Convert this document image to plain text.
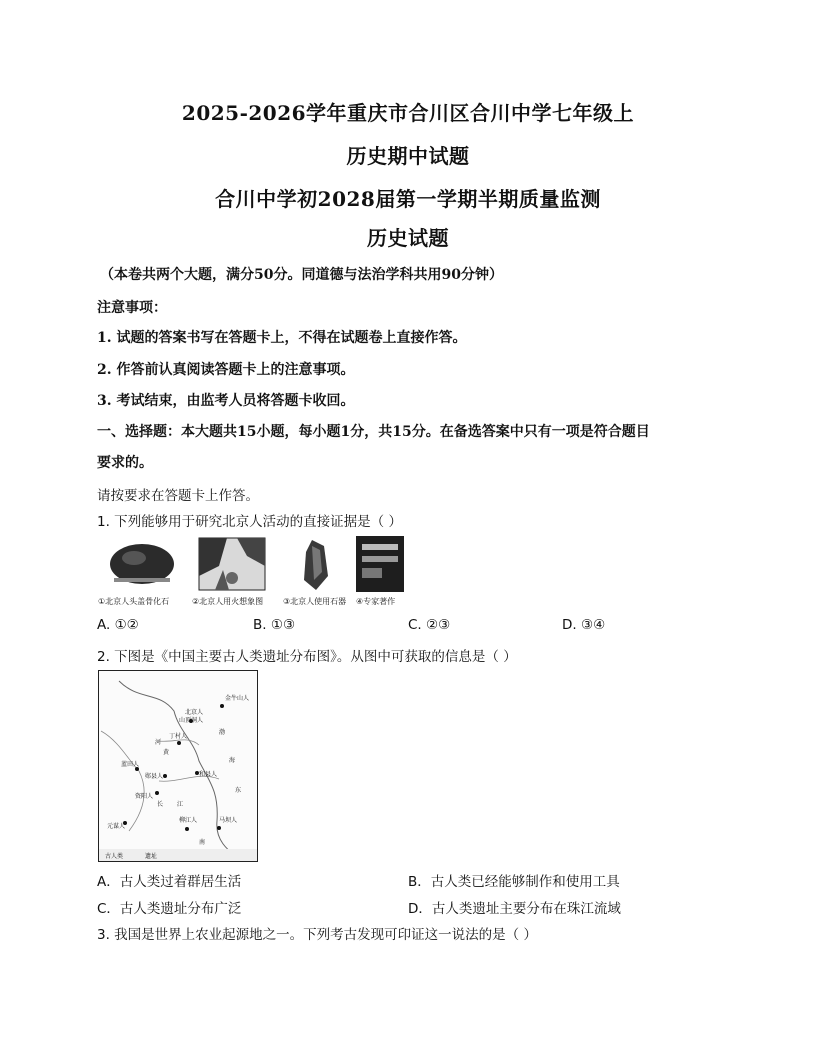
2025-2026学年重庆市合川区合川中学七年级上
历史期中试题
合川中学初2028届第一学期半期质量监测
历史试题
（本卷共两个大题，满分50分。同道德与法治学科共用90分钟）
注意事项：
1. 试题的答案书写在答题卡上，不得在试题卷上直接作答。
2. 作答前认真阅读答题卡上的注意事项。
3. 考试结束，由监考人员将答题卡收回。
一、选择题：本大题共15小题，每小题1分，共15分。在备选答案中只有一项是符合题目
要求的。
请按要求在答题卡上作答。
1. 下列能够用于研究北京人活动的直接证据是（ ）
①北京人头盖骨化石	②北京人用火想象图 ③北京人使用石器 ④专家著作
A. ①②	B. ①③	C. ②③	D. ③④
2. 下图是《中国主要古人类遗址分布图》。从图中可获取的信息是（ ）
金牛山人
北京人
山顶洞人
丁村人
蓝田人
郧县人	和县人
元谋人
柳江人	马坝人
资阳人
长 江
河
黄
海
渤
东
南
古人类	遗址
A．古人类过着群居生活	B．古人类已经能够制作和使用工具
C．古人类遗址分布广泛	D．古人类遗址主要分布在珠江流域
3. 我国是世界上农业起源地之一。下列考古发现可印证这一说法的是（ ）
